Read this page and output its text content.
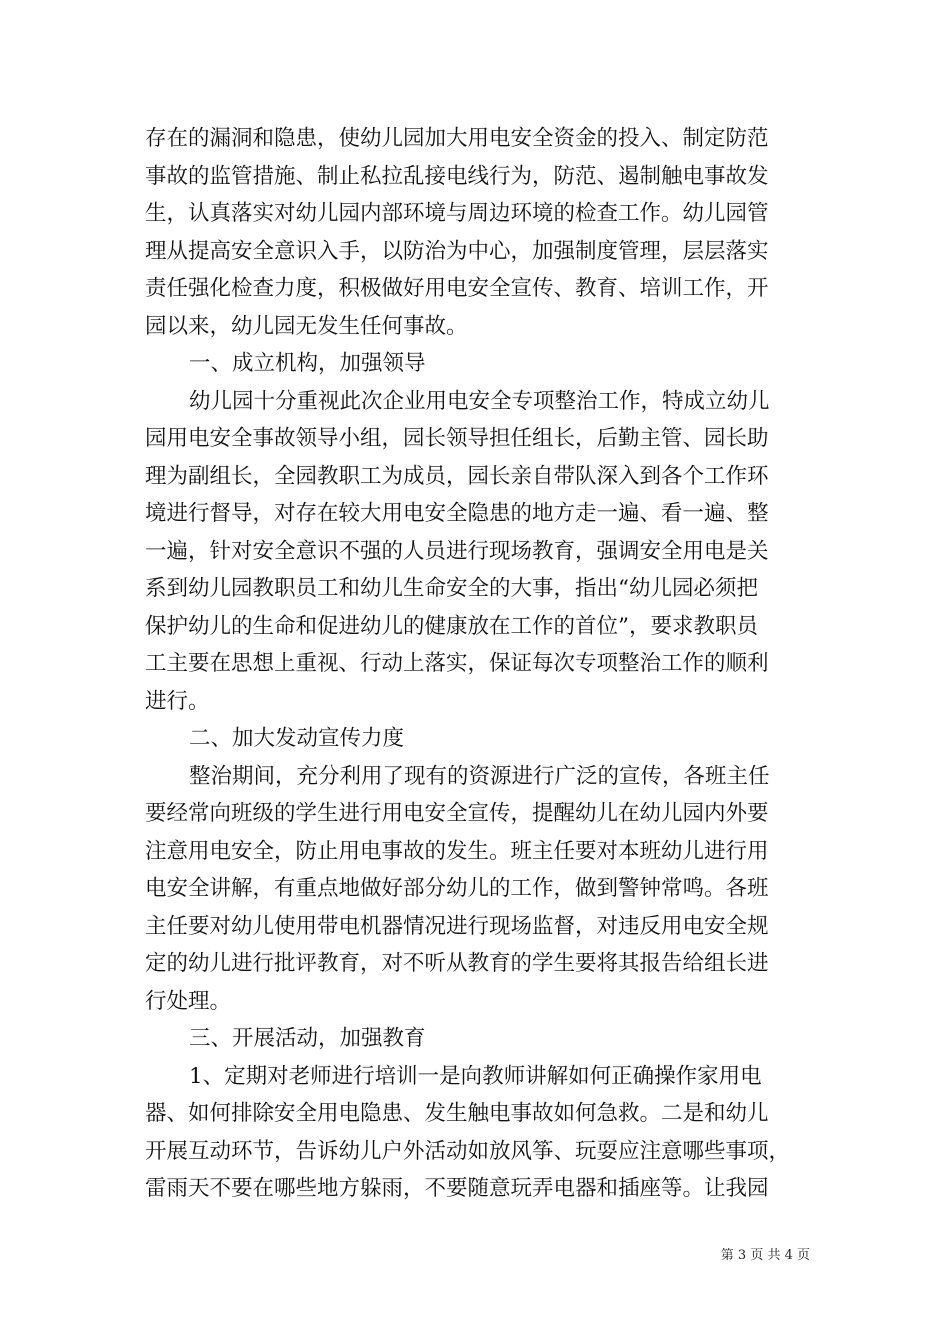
存在的漏洞和隐患，使幼儿园加大用电安全资金的投入、制定防范
事故的监管措施、制止私拉乱接电线行为，防范、遏制触电事故发
生，认真落实对幼儿园内部环境与周边环境的检查工作。幼儿园管
理从提高安全意识入手，以防治为中心，加强制度管理，层层落实
责任强化检查力度，积极做好用电安全宣传、教育、培训工作，开
园以来，幼儿园无发生任何事故。
一、成立机构，加强领导
幼儿园十分重视此次企业用电安全专项整治工作，特成立幼儿
园用电安全事故领导小组，园长领导担任组长，后勤主管、园长助
理为副组长，全园教职工为成员，园长亲自带队深入到各个工作环
境进行督导，对存在较大用电安全隐患的地方走一遍、看一遍、整
一遍，针对安全意识不强的人员进行现场教育，强调安全用电是关
系到幼儿园教职员工和幼儿生命安全的大事，指出“幼儿园必须把
保护幼儿的生命和促进幼儿的健康放在工作的首位”，要求教职员
工主要在思想上重视、行动上落实，保证每次专项整治工作的顺利
进行。
二、加大发动宣传力度
整治期间，充分利用了现有的资源进行广泛的宣传，各班主任
要经常向班级的学生进行用电安全宣传，提醒幼儿在幼儿园内外要
注意用电安全，防止用电事故的发生。班主任要对本班幼儿进行用
电安全讲解，有重点地做好部分幼儿的工作，做到警钟常鸣。各班
主任要对幼儿使用带电机器情况进行现场监督，对违反用电安全规
定的幼儿进行批评教育，对不听从教育的学生要将其报告给组长进
行处理。
三、开展活动，加强教育
1、定期对老师进行培训一是向教师讲解如何正确操作家用电
器、如何排除安全用电隐患、发生触电事故如何急救。二是和幼儿
开展互动环节，告诉幼儿户外活动如放风筝、玩耍应注意哪些事项，
雷雨天不要在哪些地方躲雨，不要随意玩弄电器和插座等。让我园
第 3 页 共 4 页
